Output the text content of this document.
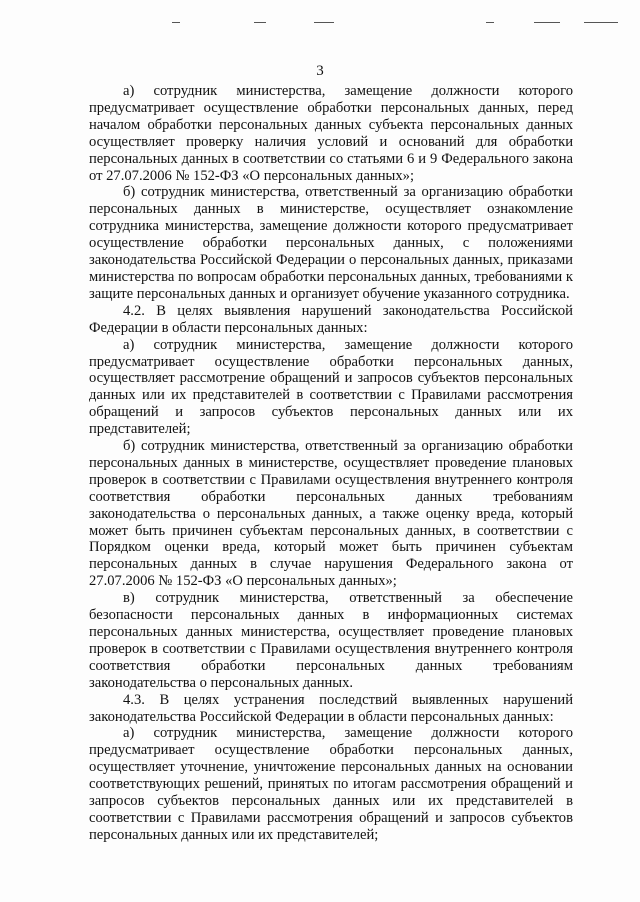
3

а) сотрудник министерства, замещение должности которого предусматривает осуществление обработки персональных данных, перед началом обработки персональных данных субъекта персональных данных осуществляет проверку наличия условий и оснований для обработки персональных данных в соответствии со статьями 6 и 9 Федерального закона от 27.07.2006 № 152-ФЗ «О персональных данных»;

б) сотрудник министерства, ответственный за организацию обработки персональных данных в министерстве, осуществляет ознакомление сотрудника министерства, замещение должности которого предусматривает осуществление обработки персональных данных, с положениями законодательства Российской Федерации о персональных данных, приказами министерства по вопросам обработки персональных данных, требованиями к защите персональных данных и организует обучение указанного сотрудника.

4.2. В целях выявления нарушений законодательства Российской Федерации в области персональных данных:

а) сотрудник министерства, замещение должности которого предусматривает осуществление обработки персональных данных, осуществляет рассмотрение обращений и запросов субъектов персональных данных или их представителей в соответствии с Правилами рассмотрения обращений и запросов субъектов персональных данных или их представителей;

б) сотрудник министерства, ответственный за организацию обработки персональных данных в министерстве, осуществляет проведение плановых проверок в соответствии с Правилами осуществления внутреннего контроля соответствия обработки персональных данных требованиям законодательства о персональных данных, а также оценку вреда, который может быть причинен субъектам персональных данных, в соответствии с Порядком оценки вреда, который может быть причинен субъектам персональных данных в случае нарушения Федерального закона от 27.07.2006 № 152-ФЗ «О персональных данных»;

в) сотрудник министерства, ответственный за обеспечение безопасности персональных данных в информационных системах персональных данных министерства, осуществляет проведение плановых проверок в соответствии с Правилами осуществления внутреннего контроля соответствия обработки персональных данных требованиям законодательства о персональных данных.

4.3. В целях устранения последствий выявленных нарушений законодательства Российской Федерации в области персональных данных:

а) сотрудник министерства, замещение должности которого предусматривает осуществление обработки персональных данных, осуществляет уточнение, уничтожение персональных данных на основании соответствующих решений, принятых по итогам рассмотрения обращений и запросов субъектов персональных данных или их представителей в соответствии с Правилами рассмотрения обращений и запросов субъектов персональных данных или их представителей;
